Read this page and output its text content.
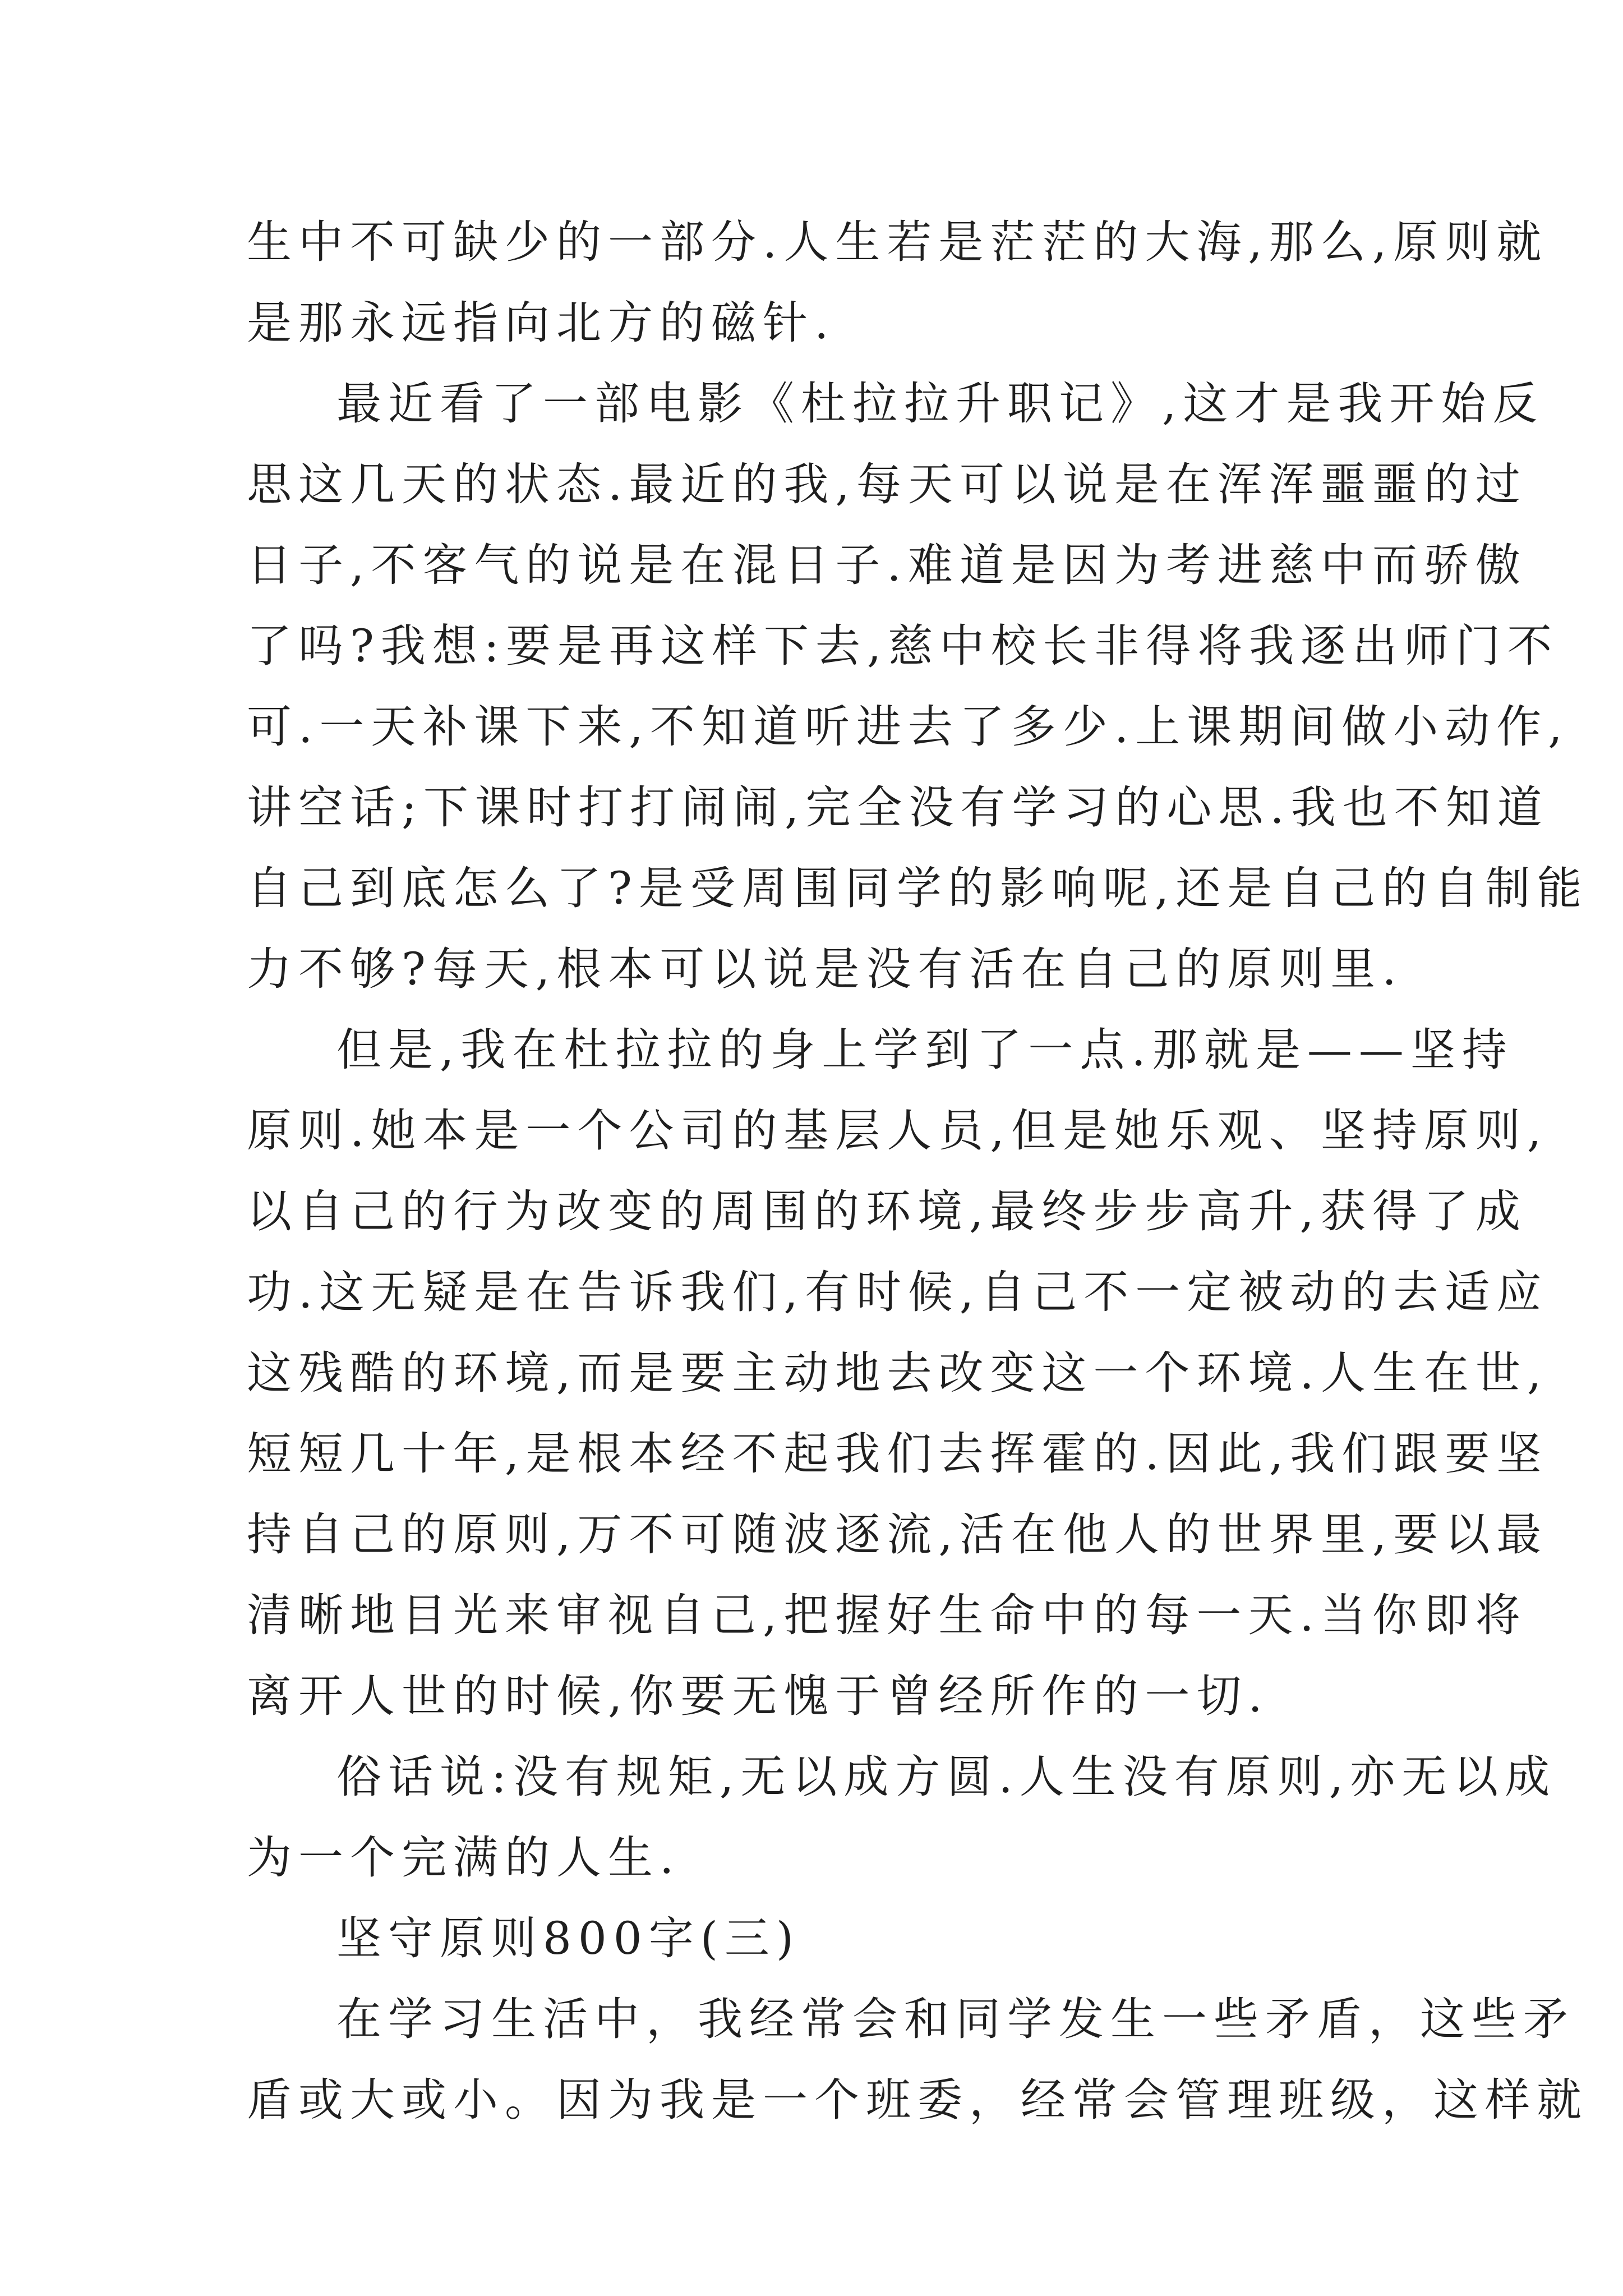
生中不可缺少的一部分.人生若是茫茫的大海,那么,原则就
是那永远指向北方的磁针.
最近看了一部电影《杜拉拉升职记》,这才是我开始反
思这几天的状态.最近的我,每天可以说是在浑浑噩噩的过
日子,不客气的说是在混日子.难道是因为考进慈中而骄傲
了吗?我想:要是再这样下去,慈中校长非得将我逐出师门不
可.一天补课下来,不知道听进去了多少.上课期间做小动作,
讲空话;下课时打打闹闹,完全没有学习的心思.我也不知道
自己到底怎么了?是受周围同学的影响呢,还是自己的自制能
力不够?每天,根本可以说是没有活在自己的原则里.
但是,我在杜拉拉的身上学到了一点.那就是——坚持
原则.她本是一个公司的基层人员,但是她乐观、坚持原则,
以自己的行为改变的周围的环境,最终步步高升,获得了成
功.这无疑是在告诉我们,有时候,自己不一定被动的去适应
这残酷的环境,而是要主动地去改变这一个环境.人生在世,
短短几十年,是根本经不起我们去挥霍的.因此,我们跟要坚
持自己的原则,万不可随波逐流,活在他人的世界里,要以最
清晰地目光来审视自己,把握好生命中的每一天.当你即将
离开人世的时候,你要无愧于曾经所作的一切.
俗话说:没有规矩,无以成方圆.人生没有原则,亦无以成
为一个完满的人生.
坚守原则800字(三)
在学习生活中，我经常会和同学发生一些矛盾，这些矛
盾或大或小。因为我是一个班委，经常会管理班级，这样就
